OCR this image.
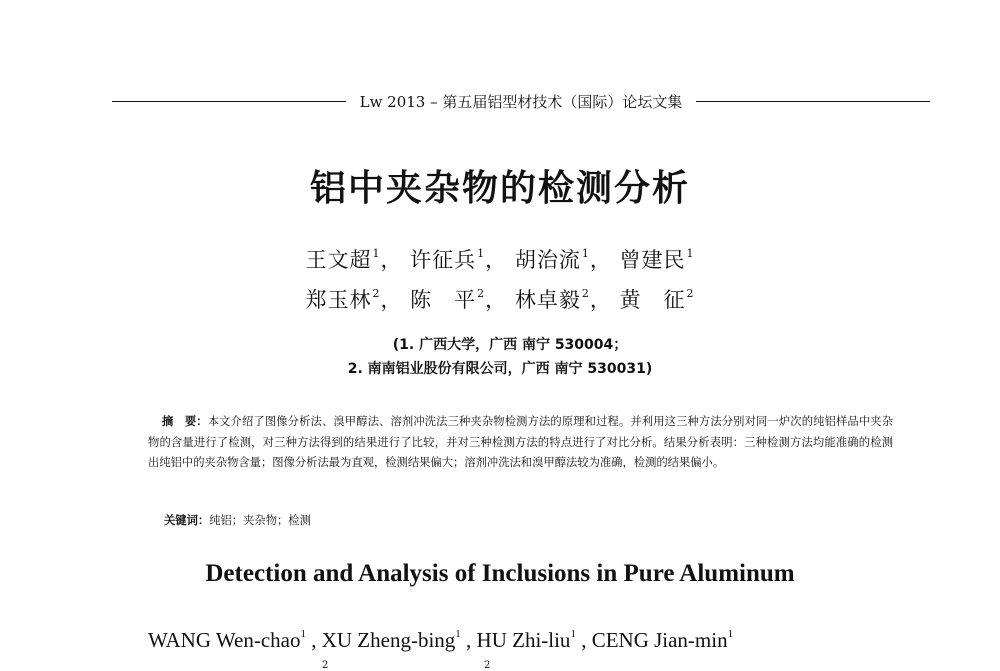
Lw 2013 – 第五届铝型材技术（国际）论坛文集
铝中夹杂物的检测分析
王文超$^1$， 许征兵$^1$， 胡治流$^1$， 曾建民$^1$
郑玉林$^2$， 陈　平$^2$， 林卓毅$^2$， 黄　征$^2$
(1. 广西大学，广西 南宁 530004；
2. 南南铝业股份有限公司，广西 南宁 530031)
摘　要：本文介绍了图像分析法、溴甲醇法、溶剂冲洗法三种夹杂物检测方法的原理和过程。并利用这三种方法分别对同一炉次的纯铝样品中夹杂物的含量进行了检测，对三种方法得到的结果进行了比较，并对三种检测方法的特点进行了对比分析。结果分析表明：三种检测方法均能准确的检测出纯铝中的夹杂物含量；图像分析法最为直观，检测结果偏大；溶剂冲洗法和溴甲醇法较为准确，检测的结果偏小。
关键词：纯铝；夹杂物；检测
Detection and Analysis of Inclusions in Pure Aluminum
WANG Wen-chao$^1$ , XU Zheng-bing$^1$ , HU Zhi-liu$^1$ , CENG Jian-$\min^1$
2	2
